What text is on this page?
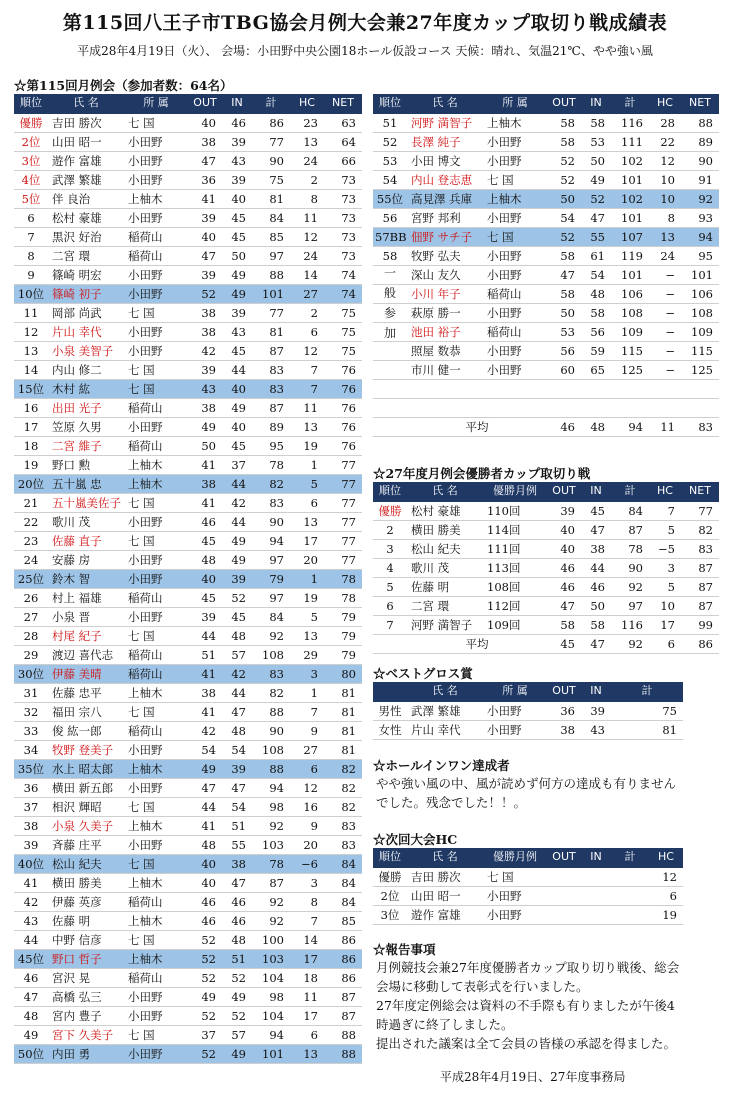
第115回八王子市TBG協会月例大会兼27年度カップ取切り戦成績表
平成28年4月19日（火）、 会場：小田野中央公園18ホール仮設コース 天候：晴れ、気温21℃、やや強い風
☆第115回月例会（参加者数：64名）
順位	氏 名	所 属	OUT	IN	計	HC	NET
優勝	吉田 勝次	七 国	40	46	86	23	63
2位	山田 昭一	小田野	38	39	77	13	64
3位	遊作 富雄	小田野	47	43	90	24	66
4位	武澤 繁雄	小田野	36	39	75	2	73
5位	伴 良治	上柚木	41	40	81	8	73
6	松村 豪雄	小田野	39	45	84	11	73
7	黒沢 好治	稲荷山	40	45	85	12	73
8	二宮 環	稲荷山	47	50	97	24	73
9	篠崎 明宏	小田野	39	49	88	14	74
10位	篠崎 初子	小田野	52	49	101	27	74
11	岡部 尚武	七 国	38	39	77	2	75
12	片山 幸代	小田野	38	43	81	6	75
13	小泉 美智子	小田野	42	45	87	12	75
14	内山 修二	七 国	39	44	83	7	76
15位	木村 紘	七 国	43	40	83	7	76
16	出田 光子	稲荷山	38	49	87	11	76
17	笠原 久男	小田野	49	40	89	13	76
18	二宮 維子	稲荷山	50	45	95	19	76
19	野口 勲	上柚木	41	37	78	1	77
20位	五十嵐 忠	上柚木	38	44	82	5	77
21	五十嵐美佐子	七 国	41	42	83	6	77
22	歌川 茂	小田野	46	44	90	13	77
23	佐藤 直子	七 国	45	49	94	17	77
24	安藤 房	小田野	48	49	97	20	77
25位	鈴木 智	小田野	40	39	79	1	78
26	村上 福雄	稲荷山	45	52	97	19	78
27	小泉 晋	小田野	39	45	84	5	79
28	村尾 紀子	七 国	44	48	92	13	79
29	渡辺 喜代志	稲荷山	51	57	108	29	79
30位	伊藤 美晴	稲荷山	41	42	83	3	80
31	佐藤 忠平	上柚木	38	44	82	1	81
32	福田 宗八	七 国	41	47	88	7	81
33	俊 紘一郎	稲荷山	42	48	90	9	81
34	牧野 登美子	小田野	54	54	108	27	81
35位	水上 昭太郎	上柚木	49	39	88	6	82
36	横田 新五郎	小田野	47	47	94	12	82
37	相沢 輝昭	七 国	44	54	98	16	82
38	小泉 久美子	上柚木	41	51	92	9	83
39	斉藤 庄平	小田野	48	55	103	20	83
40位	松山 紀夫	七 国	40	38	78	−6	84
41	横田 勝美	上柚木	40	47	87	3	84
42	伊藤 英彦	稲荷山	46	46	92	8	84
43	佐藤 明	上柚木	46	46	92	7	85
44	中野 信彦	七 国	52	48	100	14	86
45位	野口 哲子	上柚木	52	51	103	17	86
46	宮沢 晃	稲荷山	52	52	104	18	86
47	高橋 弘三	小田野	49	49	98	11	87
48	宮内 豊子	小田野	52	52	104	17	87
49	宮下 久美子	七 国	37	57	94	6	88
50位	内田 勇	小田野	52	49	101	13	88
順位	氏 名	所 属	OUT	IN	計	HC	NET
51	河野 満智子	上柚木	58	58	116	28	88
52	長澤 純子	小田野	58	53	111	22	89
53	小田 博文	小田野	52	50	102	12	90
54	内山 登志恵	七 国	52	49	101	10	91
55位	高見澤 兵庫	上柚木	50	52	102	10	92
56	宮野 邦利	小田野	54	47	101	8	93
57BB	佃野 サチ子	七 国	52	55	107	13	94
58	牧野 弘夫	小田野	58	61	119	24	95
	深山 友久	小田野	47	54	101	−	101
	小川 年子	稲荷山	58	48	106	−	106
	萩原 勝一	小田野	50	58	108	−	108
	池田 裕子	稲荷山	53	56	109	−	109
	照屋 数恭	小田野	56	59	115	−	115
	市川 健一	小田野	60	65	125	−	125

	平均		46	48	94	11	83
一
般
参
加
☆27年度月例会優勝者カップ取切り戦
順位	氏 名	優勝月例	OUT	IN	計	HC	NET
優勝	松村 豪雄	110回	39	45	84	7	77
2	横田 勝美	114回	40	47	87	5	82
3	松山 紀夫	111回	40	38	78	−5	83
4	歌川 茂	113回	46	44	90	3	87
5	佐藤 明	108回	46	46	92	5	87
6	二宮 環	112回	47	50	97	10	87
7	河野 満智子	109回	58	58	116	17	99
	平均		45	47	92	6	86
☆ベストグロス賞
	氏 名	所 属	OUT	IN	計
男性	武澤 繁雄	小田野	36	39	75
女性	片山 幸代	小田野	38	43	81
☆ホールインワン達成者
やや強い風の中、風が読めず何方の達成も有りません
でした。残念でした！！。
☆次回大会HC
順位	氏 名	優勝月例	OUT	IN	計	HC
優勝	吉田 勝次	七 国				12
2位	山田 昭一	小田野				6
3位	遊作 富雄	小田野				19
☆報告事項
月例競技会兼27年度優勝者カップ取り切り戦後、総会
会場に移動して表彰式を行いました。
27年度定例総会は資料の不手際も有りましたが午後4
時過ぎに終了しました。
提出された議案は全て会員の皆様の承認を得ました。
平成28年4月19日、27年度事務局
